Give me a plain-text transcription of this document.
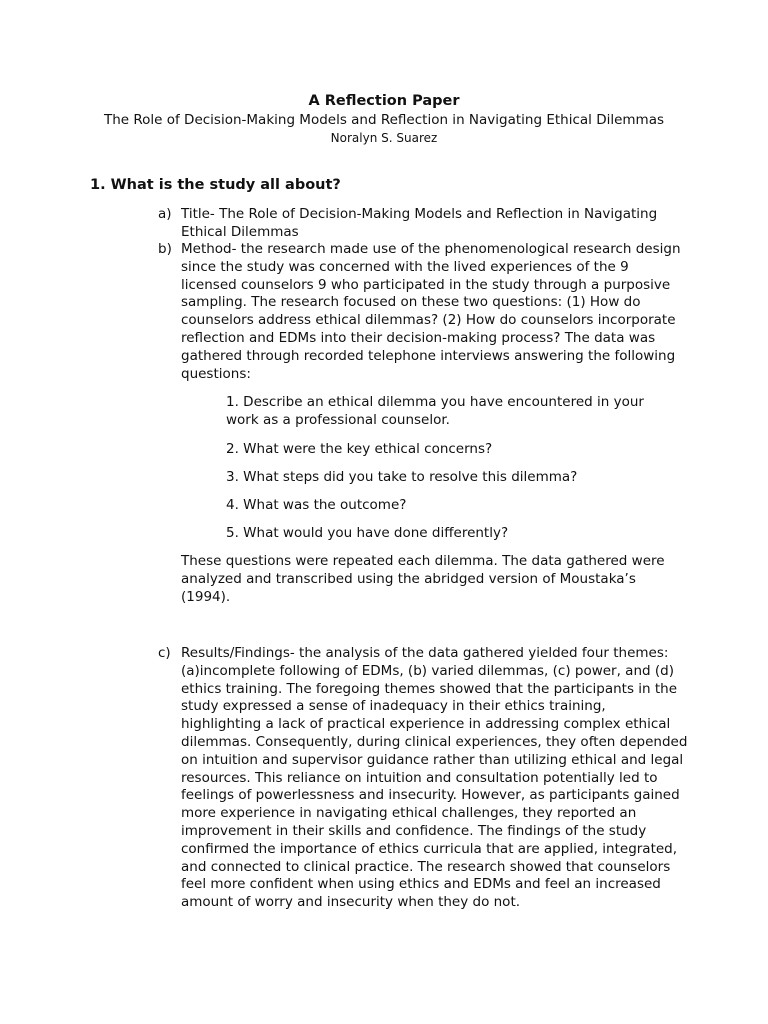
A Reflection Paper
The Role of Decision-Making Models and Reflection in Navigating Ethical Dilemmas
Noralyn S. Suarez
1. What is the study all about?
a) Title- The Role of Decision-Making Models and Reflection in Navigating Ethical Dilemmas
b) Method- the research made use of the phenomenological research design since the study was concerned with the lived experiences of the 9 licensed counselors 9 who participated in the study through a purposive sampling. The research focused on these two questions: (1) How do counselors address ethical dilemmas? (2) How do counselors incorporate reflection and EDMs into their decision-making process? The data was gathered through recorded telephone interviews answering the following questions:
1. Describe an ethical dilemma you have encountered in your work as a professional counselor.
2. What were the key ethical concerns?
3. What steps did you take to resolve this dilemma?
4. What was the outcome?
5. What would you have done differently?
These questions were repeated each dilemma. The data gathered were analyzed and transcribed using the abridged version of Moustaka’s (1994).
c) Results/Findings- the analysis of the data gathered yielded four themes: (a)incomplete following of EDMs, (b) varied dilemmas, (c) power, and (d) ethics training. The foregoing themes showed that the participants in the study expressed a sense of inadequacy in their ethics training, highlighting a lack of practical experience in addressing complex ethical dilemmas. Consequently, during clinical experiences, they often depended on intuition and supervisor guidance rather than utilizing ethical and legal resources. This reliance on intuition and consultation potentially led to feelings of powerlessness and insecurity. However, as participants gained more experience in navigating ethical challenges, they reported an improvement in their skills and confidence. The findings of the study confirmed the importance of ethics curricula that are applied, integrated, and connected to clinical practice. The research showed that counselors feel more confident when using ethics and EDMs and feel an increased amount of worry and insecurity when they do not.
